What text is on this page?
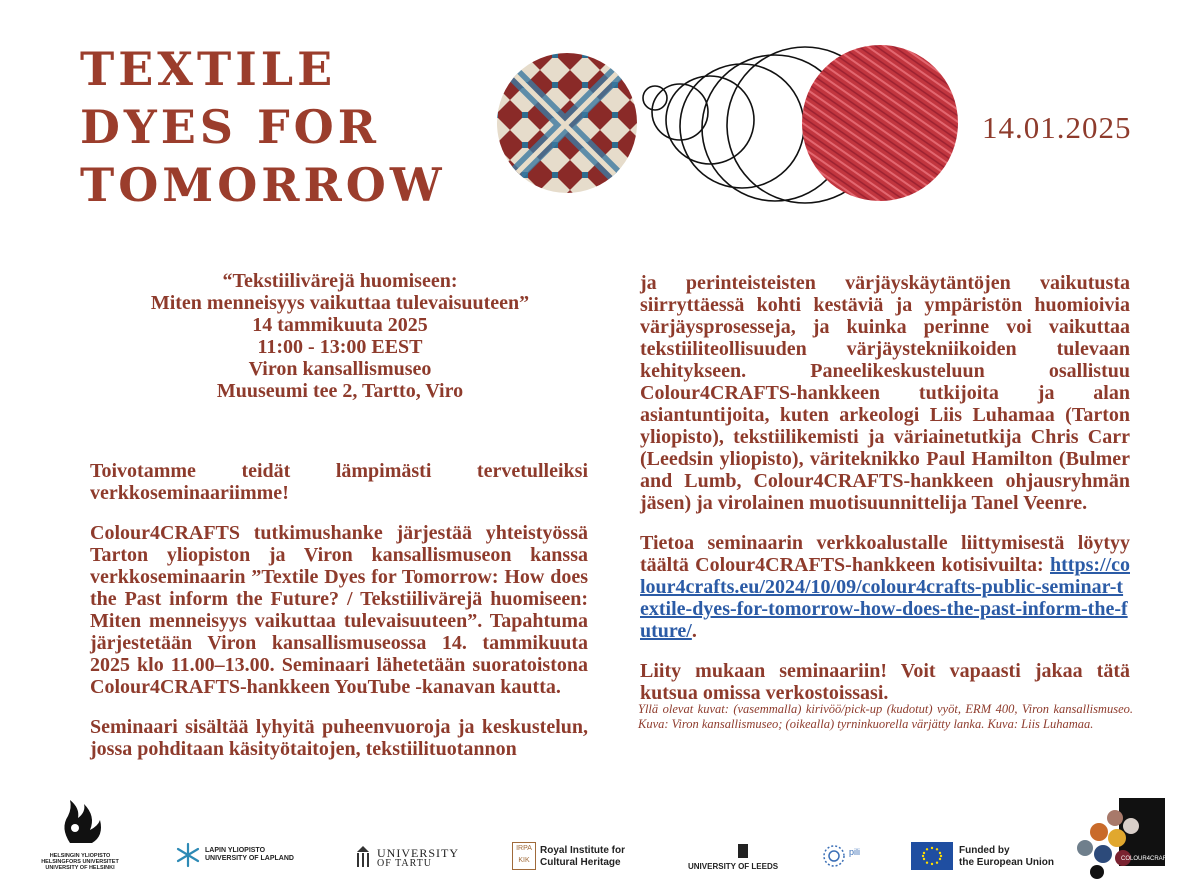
TEXTILE
DYES FOR
TOMORROW
14.01.2025
“Tekstiilivärejä huomiseen:
Miten menneisyys vaikuttaa tulevaisuuteen”
14 tammikuuta 2025
11:00 - 13:00 EEST
Viron kansallismuseo
Muuseumi tee 2, Tartto, Viro

Toivotamme teidät lämpimästi tervetulleiksi verkkoseminaariimme!

Colour4CRAFTS tutkimushanke järjestää yhteistyössä Tarton yliopiston ja Viron kansallismuseon kanssa verkkoseminaarin ”Textile Dyes for Tomorrow: How does the Past inform the Future? / Tekstiilivärejä huomiseen: Miten menneisyys vaikuttaa tulevaisuuteen”. Tapahtuma järjestetään Viron kansallismuseossa 14. tammikuuta 2025 klo 11.00–13.00. Seminaari lähetetään suoratoistona Colour4CRAFTS-hankkeen YouTube -kanavan kautta.

Seminaari sisältää lyhyitä puheenvuoroja ja keskustelun, jossa pohditaan käsityötaitojen, tekstiilituotannon

ja perinteisteisten värjäyskäytäntöjen vaikutusta siirryttäessä kohti kestäviä ja ympäristön huomioivia värjäysprosesseja, ja kuinka perinne voi vaikuttaa tekstiiliteollisuuden värjäystekniikoiden tulevaan kehitykseen. Paneelikeskusteluun osallistuu Colour4CRAFTS-hankkeen tutkijoita ja alan asiantuntijoita, kuten arkeologi Liis Luhamaa (Tarton yliopisto), tekstiilikemisti ja väriainetutkija Chris Carr (Leedsin yliopisto), väriteknikko Paul Hamilton (Bulmer and Lumb, Colour4CRAFTS-hankkeen ohjausryhmän jäsen) ja virolainen muotisuunnittelija Tanel Veenre.

Tietoa seminaarin verkkoalustalle liittymisestä löytyy täältä Colour4CRAFTS-hankkeen kotisivuilta: https://colour4crafts.eu/2024/10/09/colour4crafts-public-seminar-textile-dyes-for-tomorrow-how-does-the-past-inform-the-future/.

Liity mukaan seminaariin! Voit vapaasti jakaa tätä kutsua omissa verkostoissasi.

Yllä olevat kuvat: (vasemmalla) kirivöö/pick-up (kudotut) vyöt, ERM 400, Viron kansallismuseo. Kuva: Viron kansallismuseo; (oikealla) tyrninkuorella värjätty lanka. Kuva: Liis Luhamaa.
HELSINGIN YLIOPISTO
HELSINGFORS UNIVERSITET
UNIVERSITY OF HELSINKI
LAPIN YLIOPISTO
UNIVERSITY OF LAPLAND	UNIVERSITY
OF TARTU
IRPA
KIK
Royal Institute for
Cultural Heritage	UNIVERSITY OF LEEDS
pili	Funded by
the European Union	COLOUR4CRAFTS
